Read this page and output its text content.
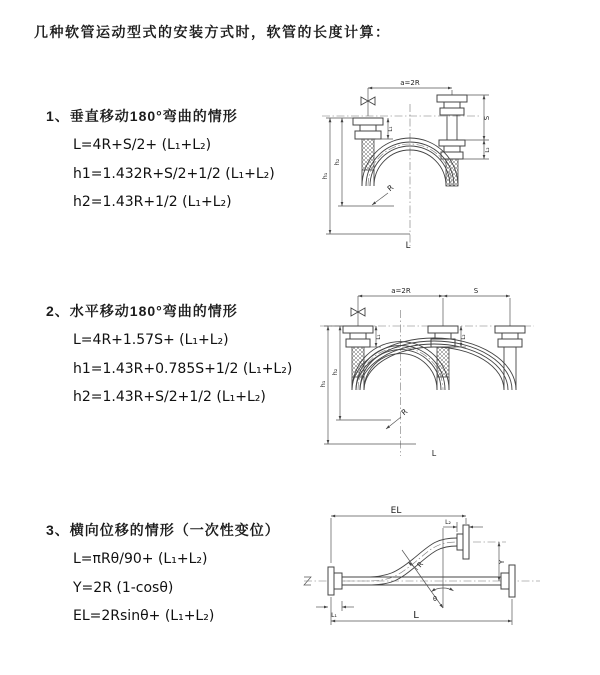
几种软管运动型式的安装方式时，软管的长度计算：
1、垂直移动180°弯曲的情形
L=4R+S/2+ (L₁+L₂)
h1=1.432R+S/2+1/2 (L₁+L₂)
h2=1.43R+1/2 (L₁+L₂)
2、水平移动180°弯曲的情形
L=4R+1.57S+ (L₁+L₂)
h1=1.43R+0.785S+1/2 (L₁+L₂)
h2=1.43R+S/2+1/2 (L₁+L₂)
3、横向位移的情形（一次性变位）
L=πRθ/90+ (L₁+L₂)
Y=2R (1-cosθ)
EL=2Rsinθ+ (L₁+L₂)
a=2R
h₁
h₂
L₁
S
L₂
R
L
a=2R	S
h₁
h₂
L₁	L₂
R
L
EL
L₂
Y
R
θ
L₁	L
